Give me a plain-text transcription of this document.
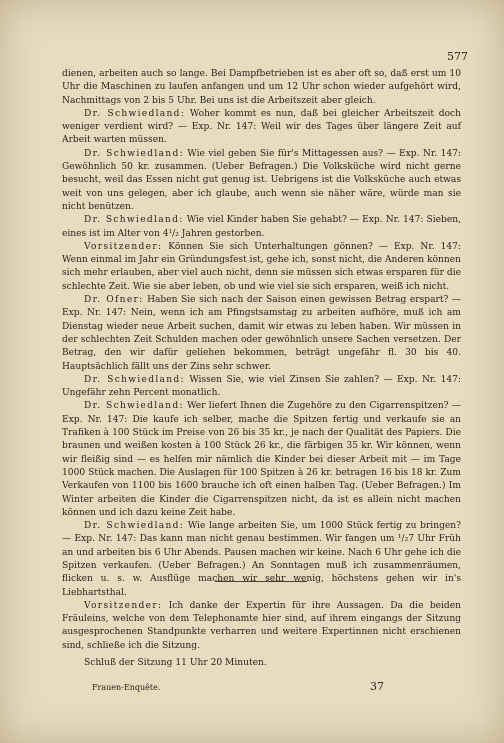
577

dienen, arbeiten auch so lange. Bei Dampfbetrieben ist es aber oft so, daß erst um 10 Uhr die Maschinen zu laufen anfangen und um 12 Uhr schon wieder aufgehört wird, Nachmittags von 2 bis 5 Uhr. Bei uns ist die Arbeitszeit aber gleich.

Dr. Schwiedland: Woher kommt es nun, daß bei gleicher Arbeitszeit doch weniger verdient wird? — Exp. Nr. 147: Weil wir des Tages über längere Zeit auf Arbeit warten müssen.

Dr. Schwiedland: Wie viel geben Sie für's Mittagessen aus? — Exp. Nr. 147: Gewöhnlich 50 kr. zusammen. (Ueber Befragen.) Die Volksküche wird nicht gerne besucht, weil das Essen nicht gut genug ist. Uebrigens ist die Volksküche auch etwas weit von uns gelegen, aber ich glaube, auch wenn sie näher wäre, würde man sie nicht benützen.

Dr. Schwiedland: Wie viel Kinder haben Sie gehabt? — Exp. Nr. 147: Sieben, eines ist im Alter von 4¹/₂ Jahren gestorben.

Vorsitzender: Können Sie sich Unterhaltungen gönnen? — Exp. Nr. 147: Wenn einmal im Jahr ein Gründungsfest ist, gehe ich, sonst nicht, die Anderen können sich mehr erlauben, aber viel auch nicht, denn sie müssen sich etwas ersparen für die schlechte Zeit. Wie sie aber leben, ob und wie viel sie sich ersparen, weiß ich nicht.

Dr. Ofner: Haben Sie sich nach der Saison einen gewissen Betrag erspart? — Exp. Nr. 147: Nein, wenn ich am Pfingstsamstag zu arbeiten aufhöre, muß ich am Dienstag wieder neue Arbeit suchen, damit wir etwas zu leben haben. Wir müssen in der schlechten Zeit Schulden machen oder gewöhnlich unsere Sachen versetzen. Der Betrag, den wir dafür geliehen bekommen, beträgt ungefähr fl. 30 bis 40. Hauptsächlich fällt uns der Zins sehr schwer.

Dr. Schwiedland: Wissen Sie, wie viel Zinsen Sie zahlen? — Exp. Nr. 147: Ungefähr zehn Percent monatlich.

Dr. Schwiedland: Wer liefert Ihnen die Zugehöre zu den Cigarrenspitzen? — Exp. Nr. 147: Die kaufe ich selber, mache die Spitzen fertig und verkaufe sie an Trafiken à 100 Stück im Preise von 26 bis 35 kr., je nach der Qualität des Papiers. Die braunen und weißen kosten à 100 Stück 26 kr., die färbigen 35 kr. Wir können, wenn wir fleißig sind — es helfen mir nämlich die Kinder bei dieser Arbeit mit — im Tage 1000 Stück machen. Die Auslagen für 100 Spitzen à 26 kr. betragen 16 bis 18 kr. Zum Verkaufen von 1100 bis 1600 brauche ich oft einen halben Tag. (Ueber Befragen.) Im Winter arbeiten die Kinder die Cigarrenspitzen nicht, da ist es allein nicht machen können und ich dazu keine Zeit habe.

Dr. Schwiedland: Wie lange arbeiten Sie, um 1000 Stück fertig zu bringen? — Exp. Nr. 147: Das kann man nicht genau bestimmen. Wir fangen um ¹/₂7 Uhr Früh an und arbeiten bis 6 Uhr Abends. Pausen machen wir keine. Nach 6 Uhr gehe ich die Spitzen verkaufen. (Ueber Befragen.) An Sonntagen muß ich zusammenräumen, flicken u. s. w. Ausflüge machen wir sehr wenig, höchstens gehen wir in's Liebhartsthal.

Vorsitzender: Ich danke der Expertin für ihre Aussagen. Da die beiden Fräuleins, welche von dem Telephonamte hier sind, auf ihrem eingangs der Sitzung ausgesprochenen Standpunkte verharren und weitere Expertinnen nicht erschienen sind, schließe ich die Sitzung.

Schluß der Sitzung 11 Uhr 20 Minuten.

Frauen-Enquête.	37
